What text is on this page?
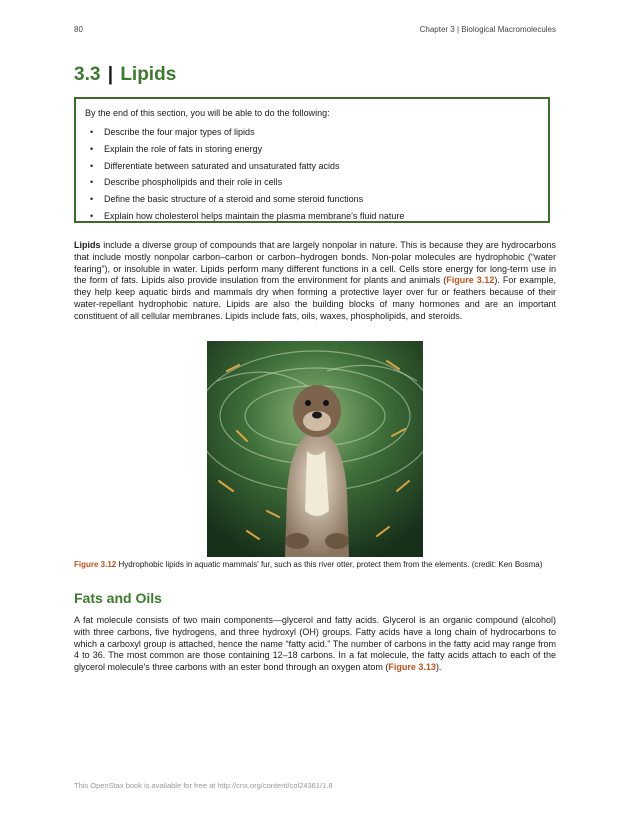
80	Chapter 3 | Biological Macromolecules
3.3 | Lipids

By the end of this section, you will be able to do the following:

• Describe the four major types of lipids
• Explain the role of fats in storing energy
• Differentiate between saturated and unsaturated fatty acids
• Describe phospholipids and their role in cells
• Define the basic structure of a steroid and some steroid functions
• Explain how cholesterol helps maintain the plasma membrane's fluid nature

Lipids include a diverse group of compounds that are largely nonpolar in nature. This is because they are hydrocarbons that include mostly nonpolar carbon–carbon or carbon–hydrogen bonds. Non-polar molecules are hydrophobic (“water fearing”), or insoluble in water. Lipids perform many different functions in a cell. Cells store energy for long-term use in the form of fats. Lipids also provide insulation from the environment for plants and animals (Figure 3.12). For example, they help keep aquatic birds and mammals dry when forming a protective layer over fur or feathers because of their water-repellant hydrophobic nature. Lipids are also the building blocks of many hormones and are an important constituent of all cellular membranes. Lipids include fats, oils, waxes, phospholipids, and steroids.

Figure 3.12 Hydrophobic lipids in aquatic mammals' fur, such as this river otter, protect them from the elements. (credit: Ken Bosma)

Fats and Oils

A fat molecule consists of two main components—glycerol and fatty acids. Glycerol is an organic compound (alcohol) with three carbons, five hydrogens, and three hydroxyl (OH) groups. Fatty acids have a long chain of hydrocarbons to which a carboxyl group is attached, hence the name “fatty acid.” The number of carbons in the fatty acid may range from 4 to 36. The most common are those containing 12–18 carbons. In a fat molecule, the fatty acids attach to each of the glycerol molecule's three carbons with an ester bond through an oxygen atom (Figure 3.13).

This OpenStax book is available for free at http://cnx.org/content/col24361/1.8
